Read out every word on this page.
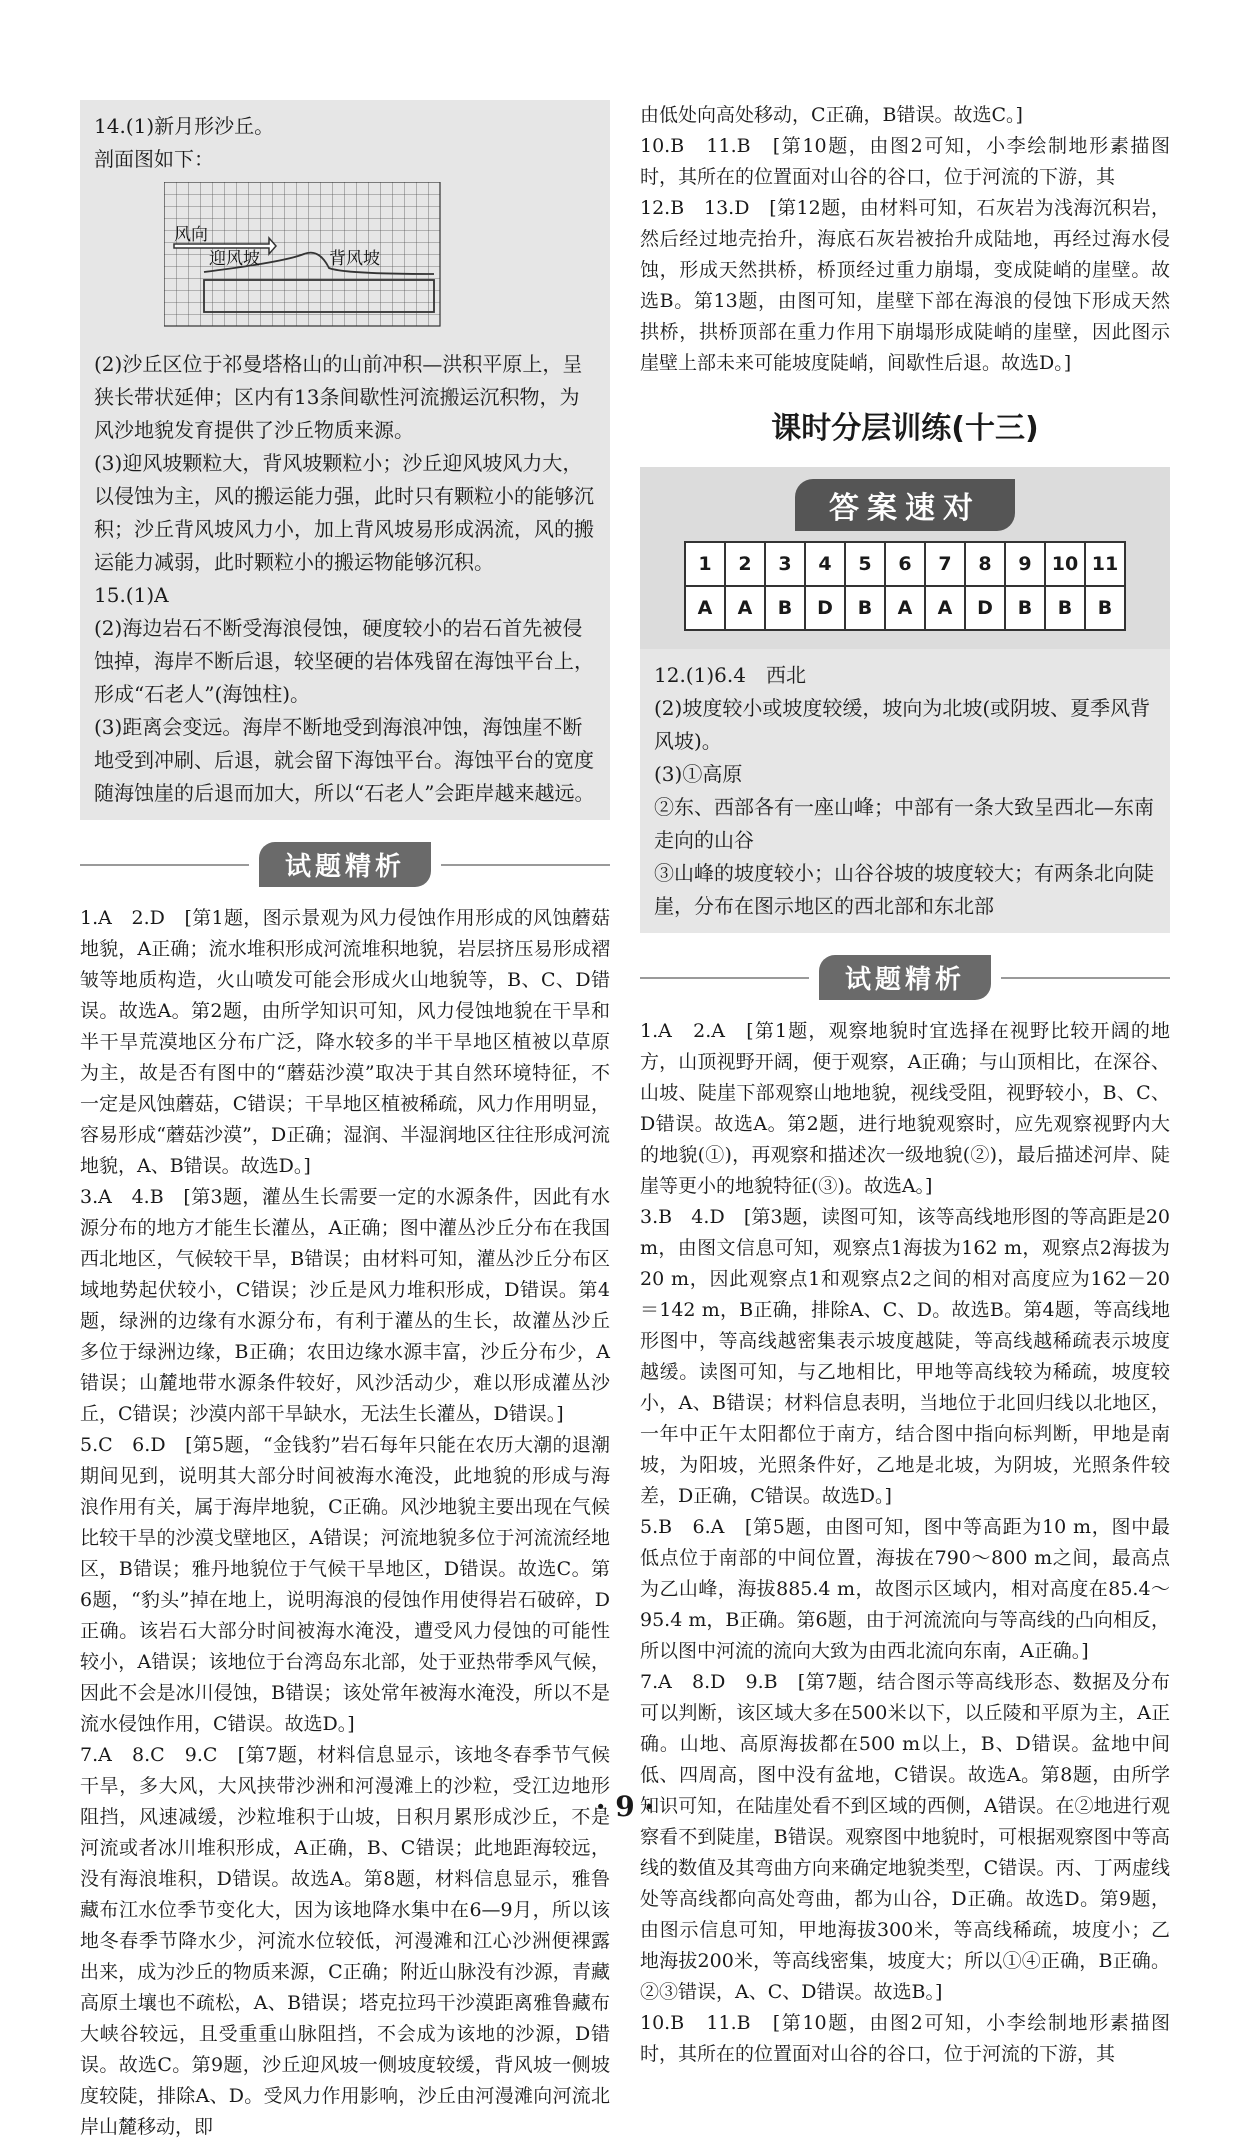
14.(1)新月形沙丘。

剖面图如下：

风向
迎风坡	背风坡

(2)沙丘区位于祁曼塔格山的山前冲积—洪积平原上，呈狭长带状延伸；区内有13条间歇性河流搬运沉积物，为风沙地貌发育提供了沙丘物质来源。

(3)迎风坡颗粒大，背风坡颗粒小；沙丘迎风坡风力大，以侵蚀为主，风的搬运能力强，此时只有颗粒小的能够沉积；沙丘背风坡风力小，加上背风坡易形成涡流，风的搬运能力减弱，此时颗粒小的搬运物能够沉积。

15.(1)A

(2)海边岩石不断受海浪侵蚀，硬度较小的岩石首先被侵蚀掉，海岸不断后退，较坚硬的岩体残留在海蚀平台上，形成“石老人”(海蚀柱)。

(3)距离会变远。海岸不断地受到海浪冲蚀，海蚀崖不断地受到冲刷、后退，就会留下海蚀平台。海蚀平台的宽度随海蚀崖的后退而加大，所以“石老人”会距岸越来越远。

试题精析

1.A　2.D　[第1题，图示景观为风力侵蚀作用形成的风蚀蘑菇地貌，A正确；流水堆积形成河流堆积地貌，岩层挤压易形成褶皱等地质构造，火山喷发可能会形成火山地貌等，B、C、D错误。故选A。第2题，由所学知识可知，风力侵蚀地貌在干旱和半干旱荒漠地区分布广泛，降水较多的半干旱地区植被以草原为主，故是否有图中的“蘑菇沙漠”取决于其自然环境特征，不一定是风蚀蘑菇，C错误；干旱地区植被稀疏，风力作用明显，容易形成“蘑菇沙漠”，D正确；湿润、半湿润地区往往形成河流地貌，A、B错误。故选D。]

3.A　4.B　[第3题，灌丛生长需要一定的水源条件，因此有水源分布的地方才能生长灌丛，A正确；图中灌丛沙丘分布在我国西北地区，气候较干旱，B错误；由材料可知，灌丛沙丘分布区域地势起伏较小，C错误；沙丘是风力堆积形成，D错误。第4题，绿洲的边缘有水源分布，有利于灌丛的生长，故灌丛沙丘多位于绿洲边缘，B正确；农田边缘水源丰富，沙丘分布少，A错误；山麓地带水源条件较好，风沙活动少，难以形成灌丛沙丘，C错误；沙漠内部干旱缺水，无法生长灌丛，D错误。]

5.C　6.D　[第5题，“金钱豹”岩石每年只能在农历大潮的退潮期间见到，说明其大部分时间被海水淹没，此地貌的形成与海浪作用有关，属于海岸地貌，C正确。风沙地貌主要出现在气候比较干旱的沙漠戈壁地区，A错误；河流地貌多位于河流流经地区，B错误；雅丹地貌位于气候干旱地区，D错误。故选C。第6题，“豹头”掉在地上，说明海浪的侵蚀作用使得岩石破碎，D正确。该岩石大部分时间被海水淹没，遭受风力侵蚀的可能性较小，A错误；该地位于台湾岛东北部，处于亚热带季风气候，因此不会是冰川侵蚀，B错误；该处常年被海水淹没，所以不是流水侵蚀作用，C错误。故选D。]

7.A　8.C　9.C　[第7题，材料信息显示，该地冬春季节气候干旱，多大风，大风挟带沙洲和河漫滩上的沙粒，受江边地形阻挡，风速减缓，沙粒堆积于山坡，日积月累形成沙丘，不是河流或者冰川堆积形成，A正确，B、C错误；此地距海较远，没有海浪堆积，D错误。故选A。第8题，材料信息显示，雅鲁藏布江水位季节变化大，因为该地降水集中在6—9月，所以该地冬春季节降水少，河流水位较低，河漫滩和江心沙洲便裸露出来，成为沙丘的物质来源，C正确；附近山脉没有沙源，青藏高原土壤也不疏松，A、B错误；塔克拉玛干沙漠距离雅鲁藏布大峡谷较远，且受重重山脉阻挡，不会成为该地的沙源，D错误。故选C。第9题，沙丘迎风坡一侧坡度较缓，背风坡一侧坡度较陡，排除A、D。受风力作用影响，沙丘由河漫滩向河流北岸山麓移动，即

由低处向高处移动，C正确，B错误。故选C。]

10.B　11.B　[第10题，由图2可知，小李绘制地形素描图时，其所在的位置面对山谷的谷口，位于河流的下游，其

12.B　13.D　[第12题，由材料可知，石灰岩为浅海沉积岩，然后经过地壳抬升，海底石灰岩被抬升成陆地，再经过海水侵蚀，形成天然拱桥，桥顶经过重力崩塌，变成陡峭的崖壁。故选B。第13题，由图可知，崖壁下部在海浪的侵蚀下形成天然拱桥，拱桥顶部在重力作用下崩塌形成陡峭的崖壁，因此图示崖壁上部未来可能坡度陡峭，间歇性后退。故选D。]

课时分层训练(十三)
答案速对
1	2	3	4	5	6	7	8	9	10	11
A	A	B	D	B	A	A	D	B	B	B

12.(1)6.4　西北

(2)坡度较小或坡度较缓，坡向为北坡(或阴坡、夏季风背风坡)。

(3)①高原

②东、西部各有一座山峰；中部有一条大致呈西北—东南走向的山谷

③山峰的坡度较小；山谷谷坡的坡度较大；有两条北向陡崖，分布在图示地区的西北部和东北部

试题精析

1.A　2.A　[第1题，观察地貌时宜选择在视野比较开阔的地方，山顶视野开阔，便于观察，A正确；与山顶相比，在深谷、山坡、陡崖下部观察山地地貌，视线受阻，视野较小，B、C、D错误。故选A。第2题，进行地貌观察时，应先观察视野内大的地貌(①)，再观察和描述次一级地貌(②)，最后描述河岸、陡崖等更小的地貌特征(③)。故选A。]

3.B　4.D　[第3题，读图可知，该等高线地形图的等高距是20 m，由图文信息可知，观察点1海拔为162 m，观察点2海拔为20 m，因此观察点1和观察点2之间的相对高度应为162－20＝142 m，B正确，排除A、C、D。故选B。第4题，等高线地形图中，等高线越密集表示坡度越陡，等高线越稀疏表示坡度越缓。读图可知，与乙地相比，甲地等高线较为稀疏，坡度较小，A、B错误；材料信息表明，当地位于北回归线以北地区，一年中正午太阳都位于南方，结合图中指向标判断，甲地是南坡，为阳坡，光照条件好，乙地是北坡，为阴坡，光照条件较差，D正确，C错误。故选D。]

5.B　6.A　[第5题，由图可知，图中等高距为10 m，图中最低点位于南部的中间位置，海拔在790～800 m之间，最高点为乙山峰，海拔885.4 m，故图示区域内，相对高度在85.4～95.4 m，B正确。第6题，由于河流流向与等高线的凸向相反，所以图中河流的流向大致为由西北流向东南，A正确。]

7.A　8.D　9.B　[第7题，结合图示等高线形态、数据及分布可以判断，该区域大多在500米以下，以丘陵和平原为主，A正确。山地、高原海拔都在500 m以上，B、D错误。盆地中间低、四周高，图中没有盆地，C错误。故选A。第8题，由所学知识可知，在陆崖处看不到区域的西侧，A错误。在②地进行观察看不到陡崖，B错误。观察图中地貌时，可根据观察图中等高线的数值及其弯曲方向来确定地貌类型，C错误。丙、丁两虚线处等高线都向高处弯曲，都为山谷，D正确。故选D。第9题，由图示信息可知，甲地海拔300米，等高线稀疏，坡度小；乙地海拔200米，等高线密集，坡度大；所以①④正确，B正确。②③错误，A、C、D错误。故选B。]

10.B　11.B　[第10题，由图2可知，小李绘制地形素描图时，其所在的位置面对山谷的谷口，位于河流的下游，其

· 9 ·
